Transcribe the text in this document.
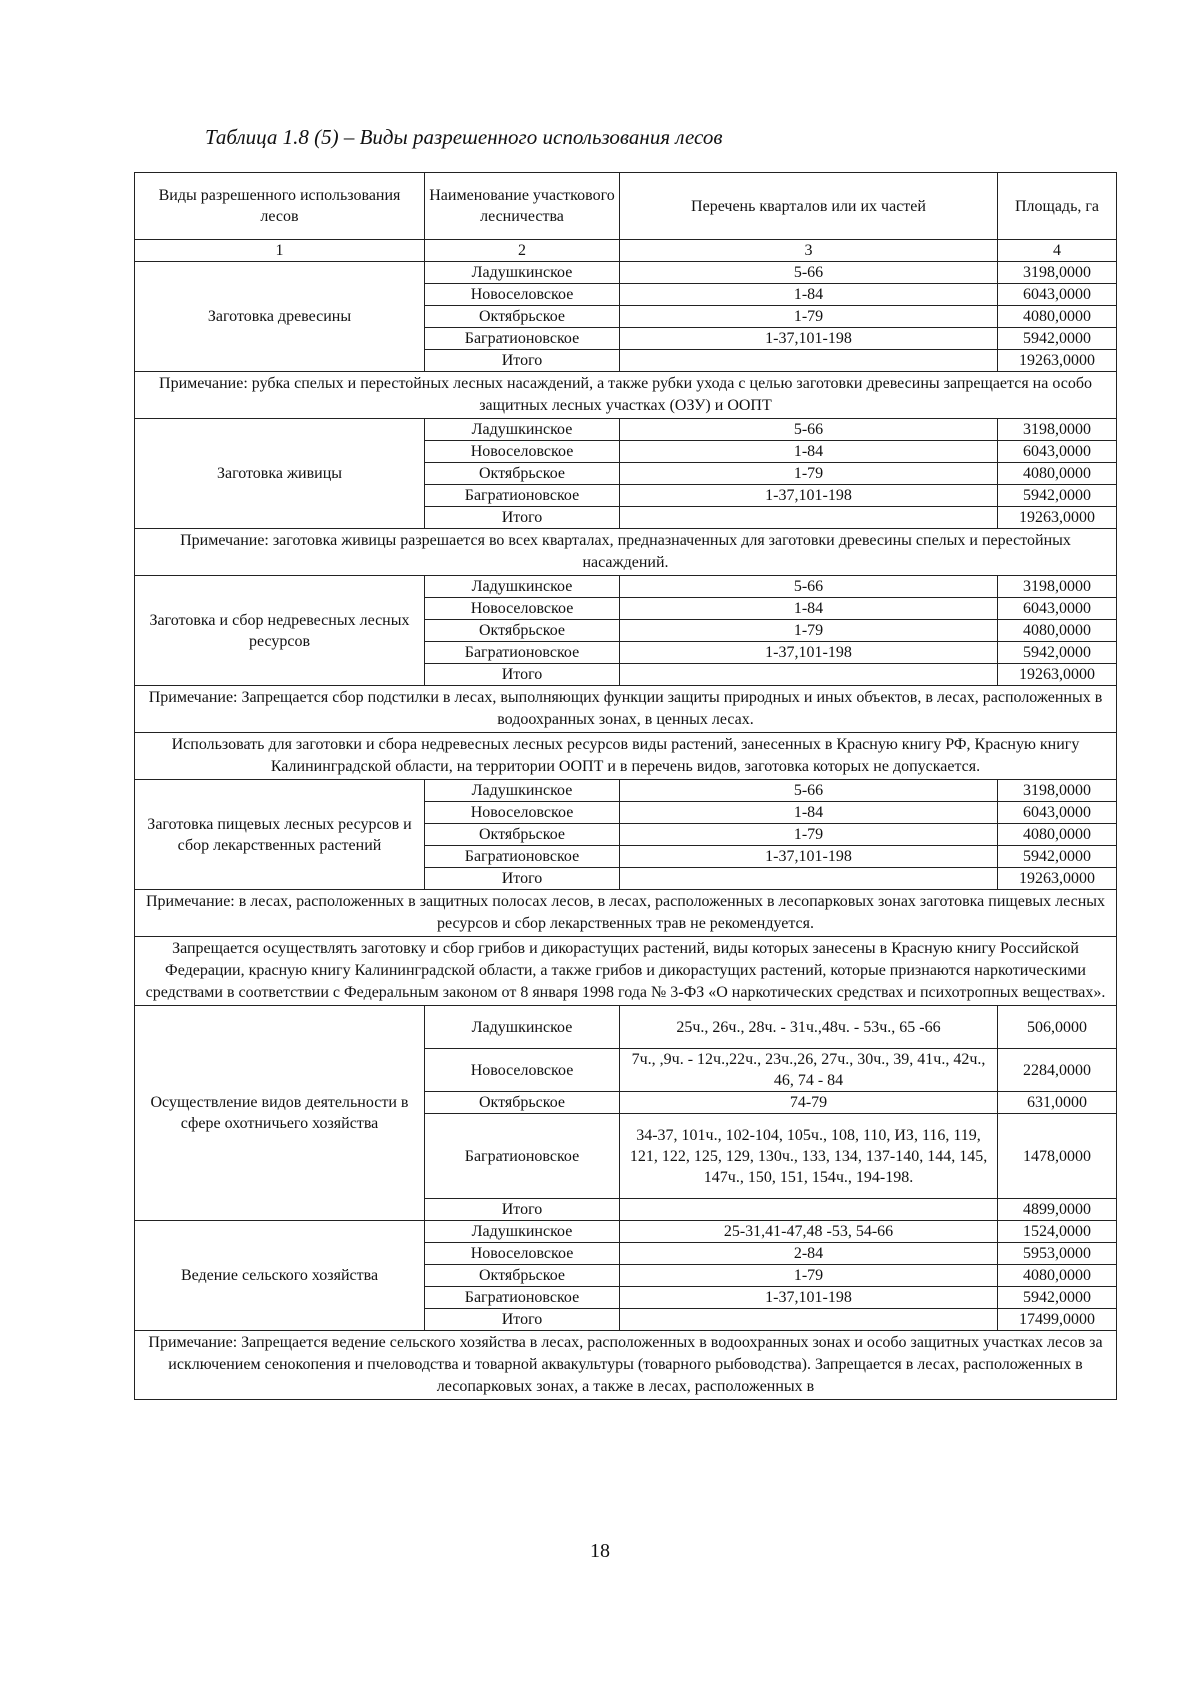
Таблица 1.8 (5) – Виды разрешенного использования лесов
Виды разрешенного использования лесов	Наименование участкового лесничества	Перечень кварталов или их частей	Площадь, га
1	2	3	4
Заготовка древесины	Ладушкинское	5-66	3198,0000
	Новоселовское	1-84	6043,0000
	Октябрьское	1-79	4080,0000
	Багратионовское	1-37,101-198	5942,0000
	Итого		19263,0000
Примечание: рубка спелых и перестойных лесных насаждений, а также рубки ухода с целью заготовки древесины запрещается на особо защитных лесных участках (ОЗУ) и ООПТ			
Заготовка живицы	Ладушкинское	5-66	3198,0000
	Новоселовское	1-84	6043,0000
	Октябрьское	1-79	4080,0000
	Багратионовское	1-37,101-198	5942,0000
	Итого		19263,0000
Примечание: заготовка живицы разрешается во всех кварталах, предназначенных для заготовки древесины спелых и перестойных насаждений.			
Заготовка и сбор недревесных лесных ресурсов	Ладушкинское	5-66	3198,0000
	Новоселовское	1-84	6043,0000
	Октябрьское	1-79	4080,0000
	Багратионовское	1-37,101-198	5942,0000
	Итого		19263,0000
Примечание: Запрещается сбор подстилки в лесах, выполняющих функции защиты природных и иных объектов, в лесах, расположенных в водоохранных зонах, в ценных лесах.			
Использовать для заготовки и сбора недревесных лесных ресурсов виды растений, занесенных в Красную книгу РФ, Красную книгу Калининградской области, на территории ООПТ и в перечень видов, заготовка которых не допускается.			
Заготовка пищевых лесных ресурсов и сбор лекарственных растений	Ладушкинское	5-66	3198,0000
	Новоселовское	1-84	6043,0000
	Октябрьское	1-79	4080,0000
	Багратионовское	1-37,101-198	5942,0000
	Итого		19263,0000
Примечание: в лесах, расположенных в защитных полосах лесов, в лесах, расположенных в лесопарковых зонах заготовка пищевых лесных ресурсов и сбор лекарственных трав не рекомендуется.			
Запрещается осуществлять заготовку и сбор грибов и дикорастущих растений, виды которых занесены в Красную книгу Российской Федерации, красную книгу Калининградской области, а также грибов и дикорастущих растений, которые признаются наркотическими средствами в соответствии с Федеральным законом от 8 января 1998 года № 3-ФЗ «О наркотических средствах и психотропных веществах».			
Осуществление видов деятельности в сфере охотничьего хозяйства	Ладушкинское	25ч., 26ч., 28ч. - 31ч.,48ч. - 53ч., 65 -66	506,0000
	Новоселовское	7ч., ,9ч. - 12ч.,22ч., 23ч.,26, 27ч., 30ч., 39, 41ч., 42ч., 46, 74 - 84	2284,0000
	Октябрьское	74-79	631,0000
	Багратионовское	34-37, 101ч., 102-104, 105ч., 108, 110, ИЗ, 116, 119, 121, 122, 125, 129, 130ч., 133, 134, 137-140, 144, 145, 147ч., 150, 151, 154ч., 194-198.	1478,0000
	Итого		4899,0000
Ведение сельского хозяйства	Ладушкинское	25-31,41-47,48 -53, 54-66	1524,0000
	Новоселовское	2-84	5953,0000
	Октябрьское	1-79	4080,0000
	Багратионовское	1-37,101-198	5942,0000
	Итого		17499,0000
Примечание: Запрещается ведение сельского хозяйства в лесах, расположенных в водоохранных зонах и особо защитных участках лесов за исключением сенокопения и пчеловодства и товарной аквакультуры (товарного рыбоводства). Запрещается в лесах, расположенных в лесопарковых зонах, а также в лесах, расположенных в			
18
